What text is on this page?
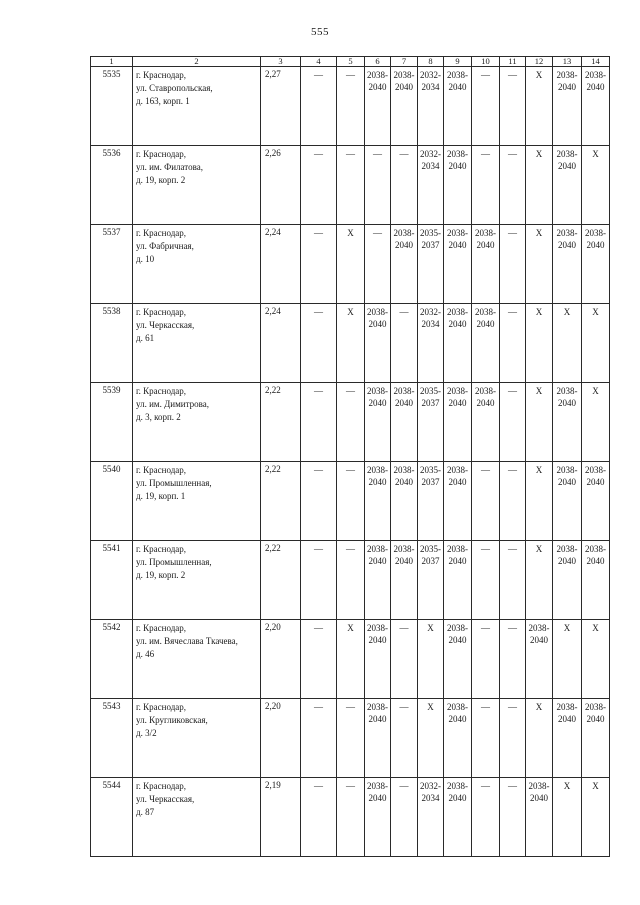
555
1	2	3	4	5	6	7	8	9	10	11	12	13	14
5535	г. Краснодар,
ул. Ставропольская,
д. 163, корп. 1	2,27	—	—	2038-2040	2038-2040	2032-2034	2038-2040	—	—	X	2038-2040	2038-2040
5536	г. Краснодар,
ул. им. Филатова,
д. 19, корп. 2	2,26	—	—	—	—	2032-2034	2038-2040	—	—	X	2038-2040	X
5537	г. Краснодар,
ул. Фабричная,
д. 10	2,24	—	X	—	2038-2040	2035-2037	2038-2040	2038-2040	—	X	2038-2040	2038-2040
5538	г. Краснодар,
ул. Черкасская,
д. 61	2,24	—	X	2038-2040	—	2032-2034	2038-2040	2038-2040	—	X	X	X
5539	г. Краснодар,
ул. им. Димитрова,
д. 3, корп. 2	2,22	—	—	2038-2040	2038-2040	2035-2037	2038-2040	2038-2040	—	X	2038-2040	X
5540	г. Краснодар,
ул. Промышленная,
д. 19, корп. 1	2,22	—	—	2038-2040	2038-2040	2035-2037	2038-2040	—	—	X	2038-2040	2038-2040
5541	г. Краснодар,
ул. Промышленная,
д. 19, корп. 2	2,22	—	—	2038-2040	2038-2040	2035-2037	2038-2040	—	—	X	2038-2040	2038-2040
5542	г. Краснодар,
ул. им. Вячеслава Ткачева,
д. 46	2,20	—	X	2038-2040	—	X	2038-2040	—	—	2038-2040	X	X
5543	г. Краснодар,
ул. Кругликовская,
д. 3/2	2,20	—	—	2038-2040	—	X	2038-2040	—	—	X	2038-2040	2038-2040
5544	г. Краснодар,
ул. Черкасская,
д. 87	2,19	—	—	2038-2040	—	2032-2034	2038-2040	—	—	2038-2040	X	X
